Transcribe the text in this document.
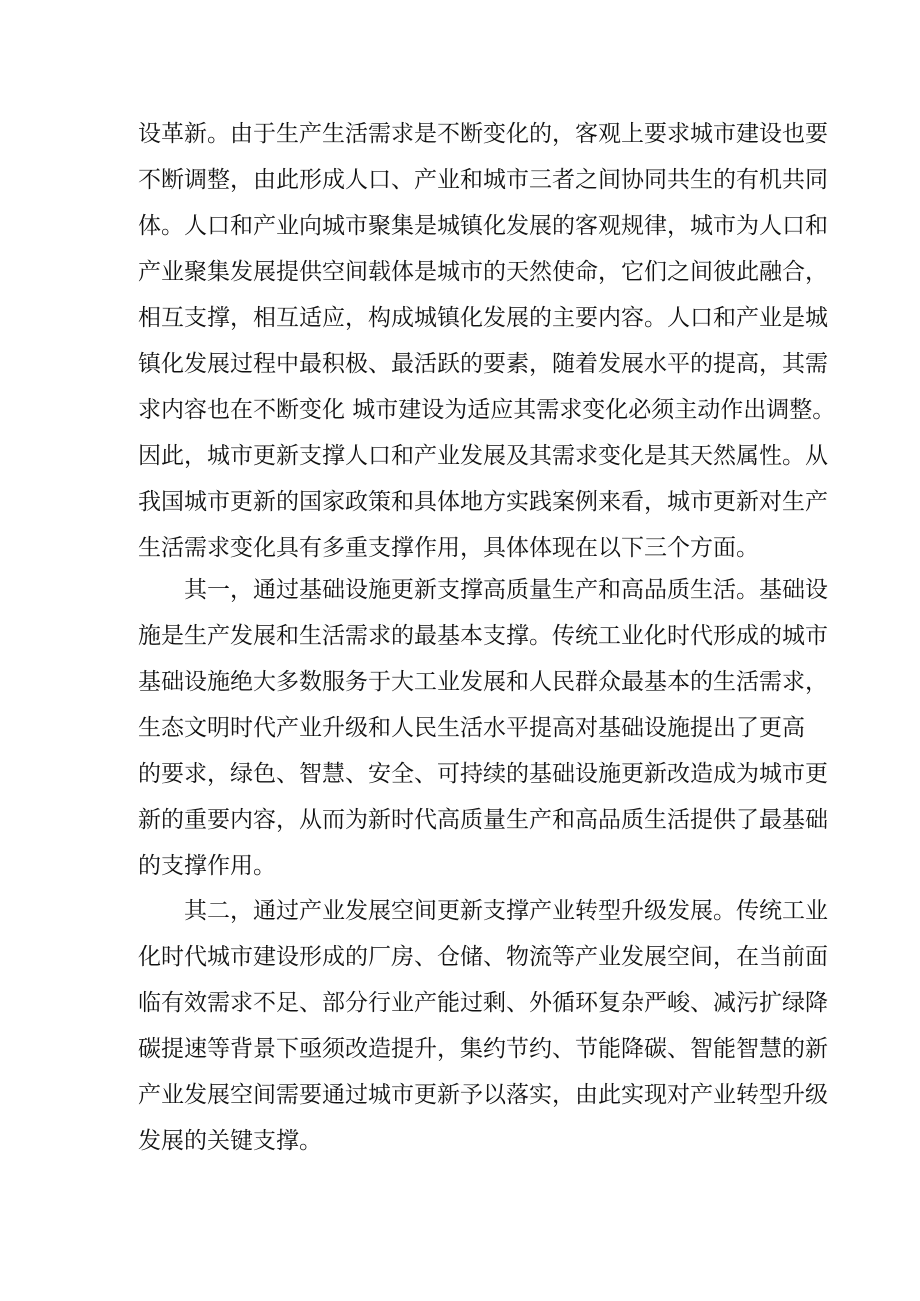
设革新。由于生产生活需求是不断变化的，客观上要求城市建设也要
不断调整，由此形成人口、产业和城市三者之间协同共生的有机共同
体。人口和产业向城市聚集是城镇化发展的客观规律，城市为人口和
产业聚集发展提供空间载体是城市的天然使命，它们之间彼此融合，
相互支撑，相互适应，构成城镇化发展的主要内容。人口和产业是城
镇化发展过程中最积极、最活跃的要素，随着发展水平的提高，其需
求内容也在不断变化 城市建设为适应其需求变化必须主动作出调整。
因此，城市更新支撑人口和产业发展及其需求变化是其天然属性。从
我国城市更新的国家政策和具体地方实践案例来看，城市更新对生产
生活需求变化具有多重支撑作用，具体体现在以下三个方面。
其一，通过基础设施更新支撑高质量生产和高品质生活。基础设
施是生产发展和生活需求的最基本支撑。传统工业化时代形成的城市
基础设施绝大多数服务于大工业发展和人民群众最基本的生活需求，
生态文明时代产业升级和人民生活水平提高对基础设施提出了更高
的要求，绿色、智慧、安全、可持续的基础设施更新改造成为城市更
新的重要内容，从而为新时代高质量生产和高品质生活提供了最基础
的支撑作用。
其二，通过产业发展空间更新支撑产业转型升级发展。传统工业
化时代城市建设形成的厂房、仓储、物流等产业发展空间，在当前面
临有效需求不足、部分行业产能过剩、外循环复杂严峻、减污扩绿降
碳提速等背景下亟须改造提升，集约节约、节能降碳、智能智慧的新
产业发展空间需要通过城市更新予以落实，由此实现对产业转型升级
发展的关键支撑。
